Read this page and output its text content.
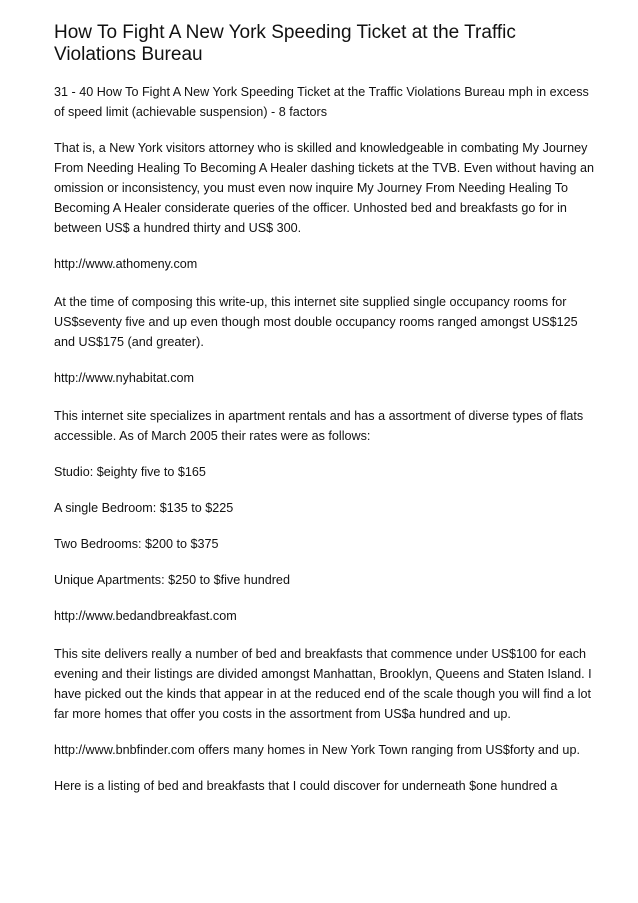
How To Fight A New York Speeding Ticket at the Traffic Violations Bureau

31 - 40 How To Fight A New York Speeding Ticket at the Traffic Violations Bureau mph in excess of speed limit (achievable suspension) - 8 factors

That is, a New York visitors attorney who is skilled and knowledgeable in combating My Journey From Needing Healing To Becoming A Healer dashing tickets at the TVB. Even without having an omission or inconsistency, you must even now inquire My Journey From Needing Healing To Becoming A Healer considerate queries of the officer. Unhosted bed and breakfasts go for in between US$ a hundred thirty and US$ 300.

http://www.athomeny.com

At the time of composing this write-up, this internet site supplied single occupancy rooms for US$seventy five and up even though most double occupancy rooms ranged amongst US$125 and US$175 (and greater).

http://www.nyhabitat.com

This internet site specializes in apartment rentals and has a assortment of diverse types of flats accessible. As of March 2005 their rates were as follows:

Studio: $eighty five to $165

A single Bedroom: $135 to $225

Two Bedrooms: $200 to $375

Unique Apartments: $250 to $five hundred

http://www.bedandbreakfast.com

This site delivers really a number of bed and breakfasts that commence under US$100 for each evening and their listings are divided amongst Manhattan, Brooklyn, Queens and Staten Island. I have picked out the kinds that appear in at the reduced end of the scale though you will find a lot far more homes that offer you costs in the assortment from US$a hundred and up.

http://www.bnbfinder.com offers many homes in New York Town ranging from US$forty and up.

Here is a listing of bed and breakfasts that I could discover for underneath $one hundred a
